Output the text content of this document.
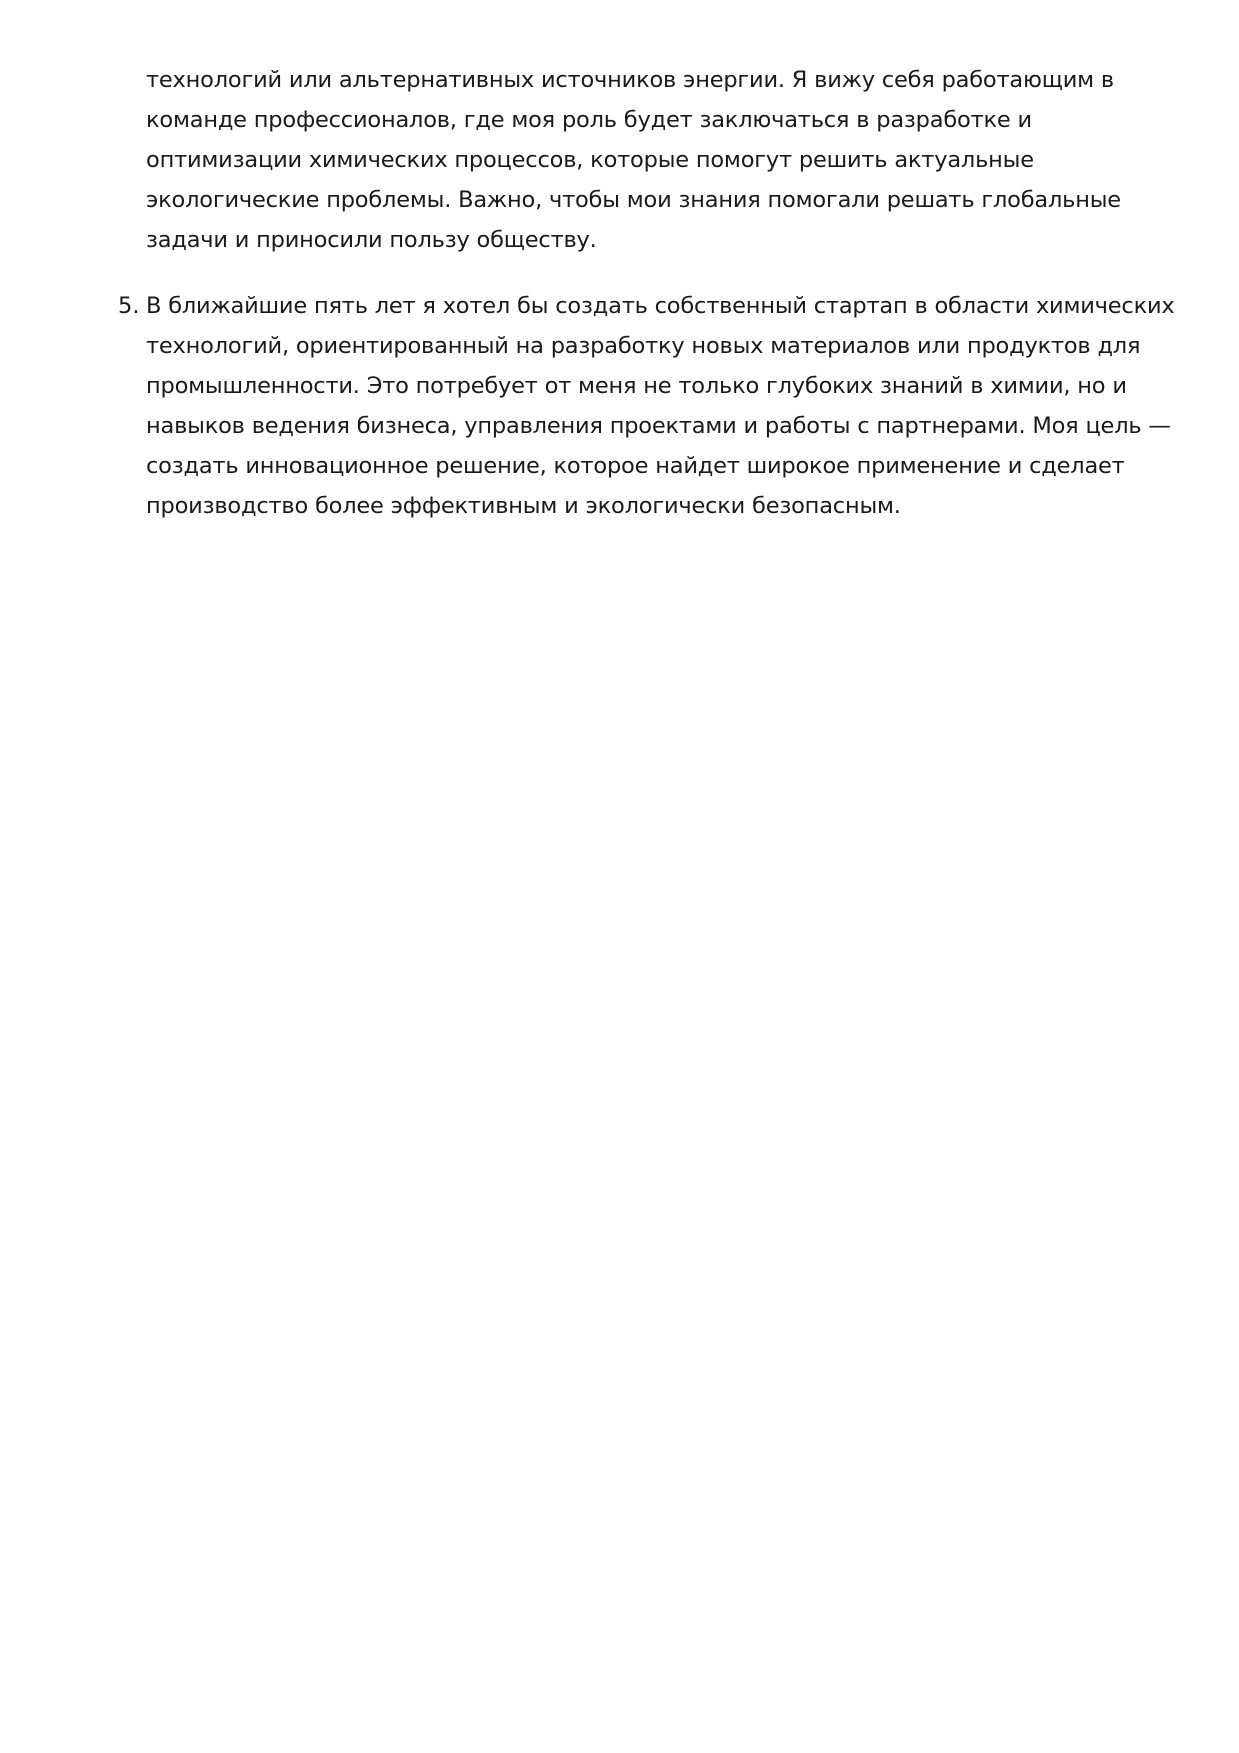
технологий или альтернативных источников энергии. Я вижу себя работающим в
команде профессионалов, где моя роль будет заключаться в разработке и
оптимизации химических процессов, которые помогут решить актуальные
экологические проблемы. Важно, чтобы мои знания помогали решать глобальные
задачи и приносили пользу обществу.
5. В ближайшие пять лет я хотел бы создать собственный стартап в области химических
технологий, ориентированный на разработку новых материалов или продуктов для
промышленности. Это потребует от меня не только глубоких знаний в химии, но и
навыков ведения бизнеса, управления проектами и работы с партнерами. Моя цель —
создать инновационное решение, которое найдет широкое применение и сделает
производство более эффективным и экологически безопасным.
